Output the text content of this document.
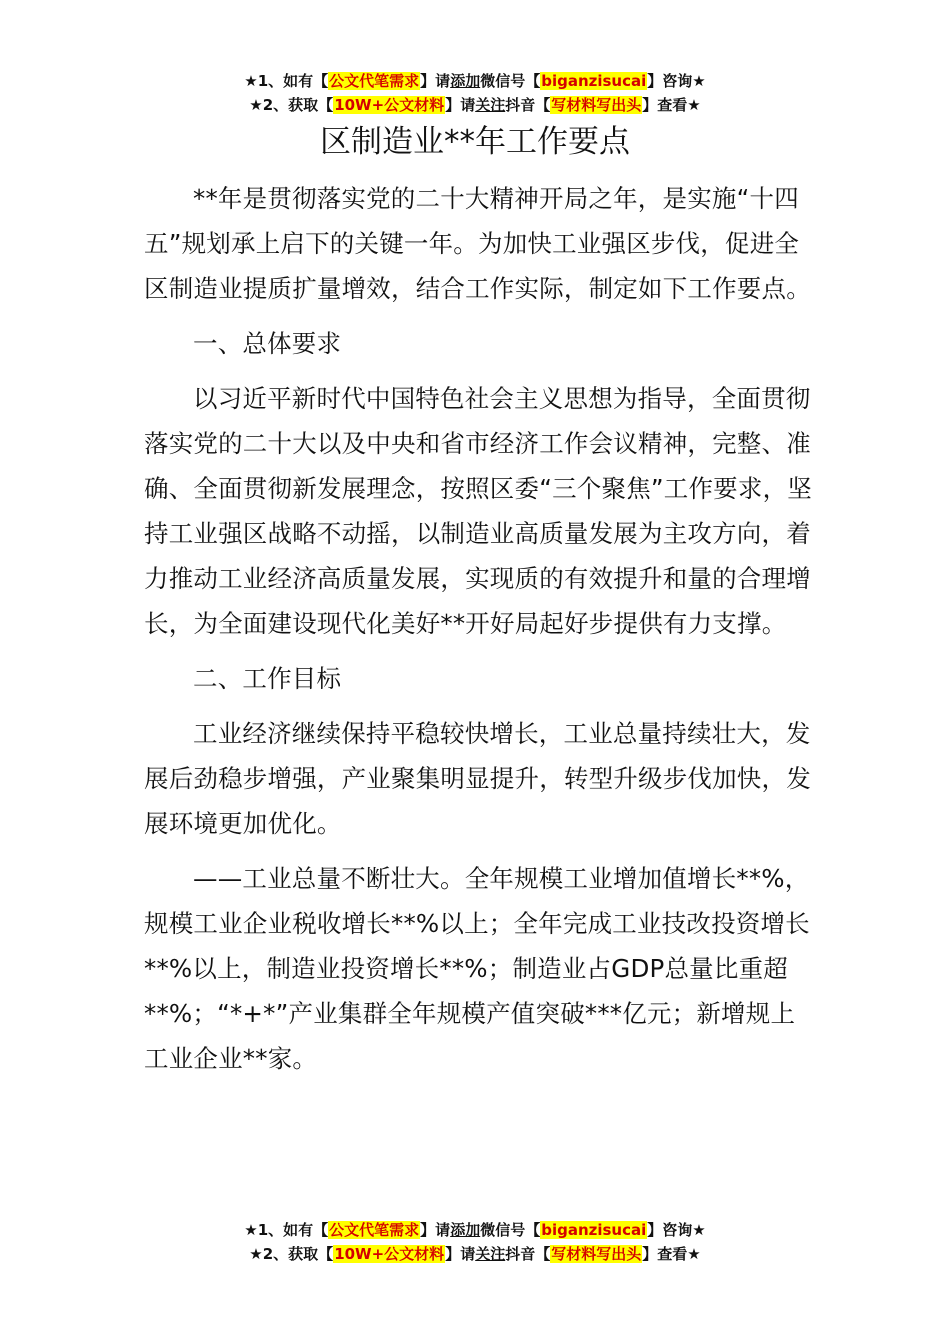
★1、如有【公文代笔需求】请添加微信号【biganzisucai】咨询★
★2、获取【10W+公文材料】请关注抖音【写材料写出头】查看★
区制造业**年工作要点

**年是贯彻落实党的二十大精神开局之年，是实施“十四五”规划承上启下的关键一年。为加快工业强区步伐，促进全区制造业提质扩量增效，结合工作实际，制定如下工作要点。

一、总体要求

以习近平新时代中国特色社会主义思想为指导，全面贯彻落实党的二十大以及中央和省市经济工作会议精神，完整、准确、全面贯彻新发展理念，按照区委“三个聚焦”工作要求，坚持工业强区战略不动摇，以制造业高质量发展为主攻方向，着力推动工业经济高质量发展，实现质的有效提升和量的合理增长，为全面建设现代化美好**开好局起好步提供有力支撑。

二、工作目标

工业经济继续保持平稳较快增长，工业总量持续壮大，发展后劲稳步增强，产业聚集明显提升，转型升级步伐加快，发展环境更加优化。

——工业总量不断壮大。全年规模工业增加值增长**%，规模工业企业税收增长**%以上；全年完成工业技改投资增长**%以上，制造业投资增长**%；制造业占GDP总量比重超**%；“*+*”产业集群全年规模产值突破***亿元；新增规上工业企业**家。

★1、如有【公文代笔需求】请添加微信号【biganzisucai】咨询★
★2、获取【10W+公文材料】请关注抖音【写材料写出头】查看★
